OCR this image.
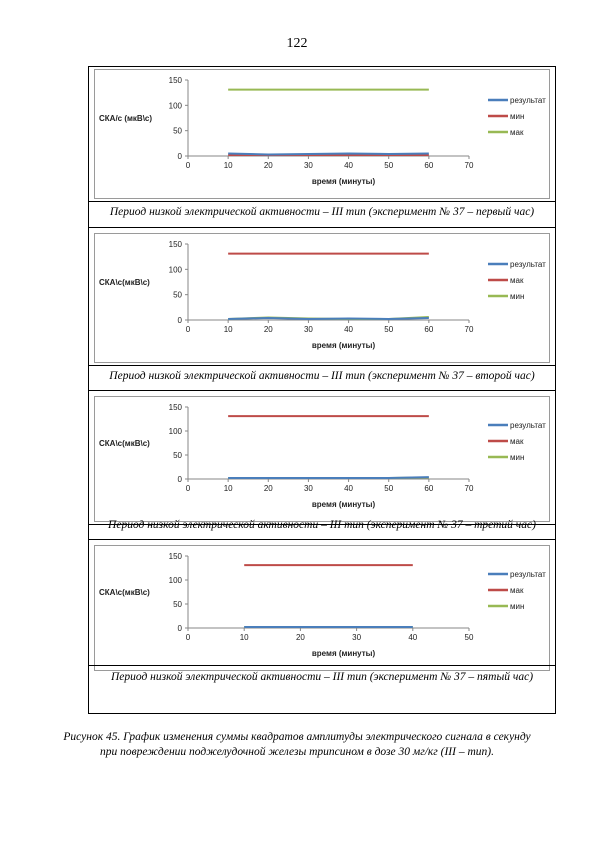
122
0
50
100
150
0	10	20	30	40	50	60	70
время (минуты)
СКА/с (мкВ\с)
результат
мин
мак
Период низкой электрической активности – III тип (эксперимент № 37 – первый час)
0
50
100
150
0	10	20	30	40	50	60	70
время (минуты)
СКА\с(мкВ\с)
результат
мак
мин
Период низкой электрической активности – III тип (эксперимент № 37 – второй час)
0
50
100
150
0	10	20	30	40	50	60	70
время (минуты)
СКА\с(мкВ\с)
результат
мак
мин
Период низкой электрической активности – III тип (эксперимент № 37 – третий час)
0
50
100
150
0	10	20	30	40	50
время (минуты)
СКА\с(мкВ\с)
результат
мак
мин
Период низкой электрической активности – III тип (эксперимент № 37 – пятый час)
Рисунок 45. График изменения суммы квадратов амплитуды электрического сигнала в секунду при повреждении поджелудочной железы трипсином в дозе 30 мг/кг (III – тип).
